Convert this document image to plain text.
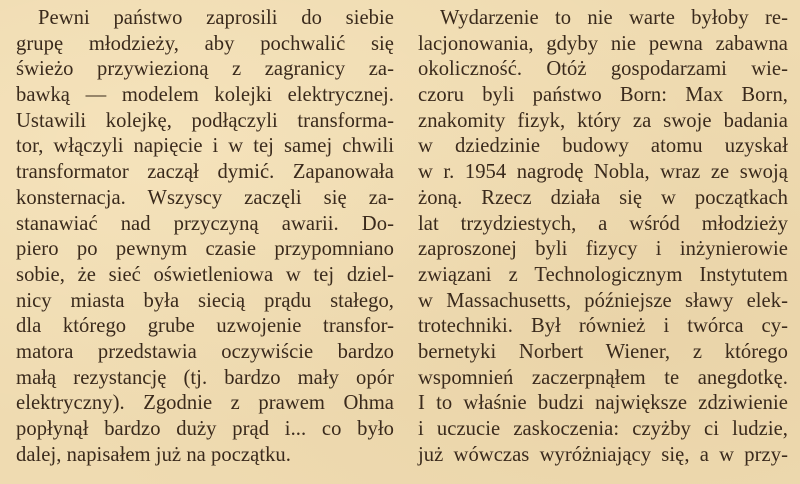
Pewni państwo zaprosili do siebie
grupę młodzieży, aby pochwalić się
świeżo przywiezioną z zagranicy za-
bawką — modelem kolejki elektrycznej.
Ustawili kolejkę, podłączyli transforma-
tor, włączyli napięcie i w tej samej chwili
transformator zaczął dymić. Zapanowała
konsternacja. Wszyscy zaczęli się za-
stanawiać nad przyczyną awarii. Do-
piero po pewnym czasie przypomniano
sobie, że sieć oświetleniowa w tej dziel-
nicy miasta była siecią prądu stałego,
dla którego grube uzwojenie transfor-
matora przedstawia oczywiście bardzo
małą rezystancję (tj. bardzo mały opór
elektryczny). Zgodnie z prawem Ohma
popłynął bardzo duży prąd i... co było
dalej, napisałem już na początku.
Wydarzenie to nie warte byłoby re-
lacjonowania, gdyby nie pewna zabawna
okoliczność. Otóż gospodarzami wie-
czoru byli państwo Born: Max Born,
znakomity fizyk, który za swoje badania
w dziedzinie budowy atomu uzyskał
w r. 1954 nagrodę Nobla, wraz ze swoją
żoną. Rzecz działa się w początkach
lat trzydziestych, a wśród młodzieży
zaproszonej byli fizycy i inżynierowie
związani z Technologicznym Instytutem
w Massachusetts, późniejsze sławy elek-
trotechniki. Był również i twórca cy-
bernetyki Norbert Wiener, z którego
wspomnień zaczerpnąłem te anegdotkę.
I to właśnie budzi największe zdziwienie
i uczucie zaskoczenia: czyżby ci ludzie,
już wówczas wyróżniający się, a w przy-
